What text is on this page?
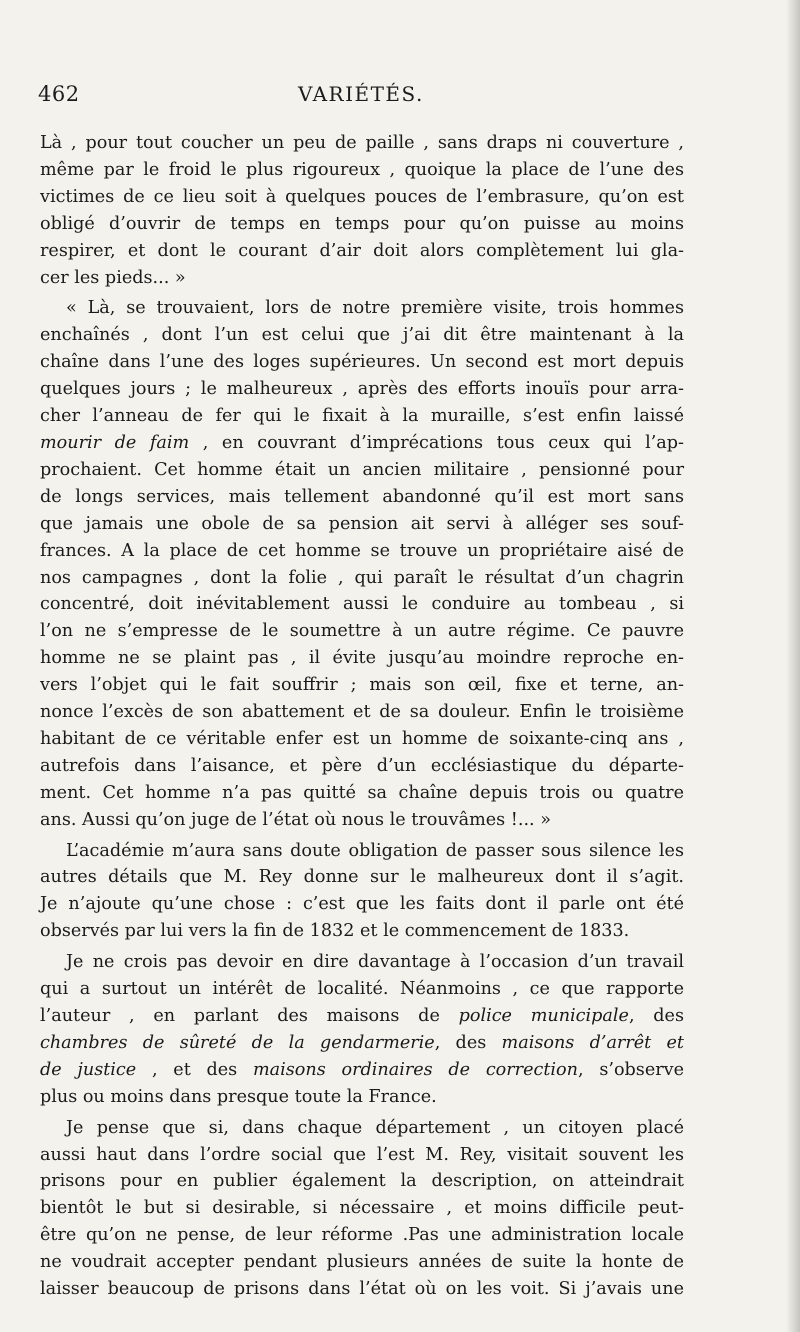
462	VARIÉTÉS.
Là , pour tout coucher un peu de paille , sans draps ni couverture ,
même par le froid le plus rigoureux , quoique la place de l’une des
victimes de ce lieu soit à quelques pouces de l’embrasure, qu’on est
obligé d’ouvrir de temps en temps pour qu’on puisse au moins
respirer, et dont le courant d’air doit alors complètement lui gla-
cer les pieds... »
« Là, se trouvaient, lors de notre première visite, trois hommes
enchaînés , dont l’un est celui que j’ai dit être maintenant à la
chaîne dans l’une des loges supérieures. Un second est mort depuis
quelques jours ; le malheureux , après des efforts inouïs pour arra-
cher l’anneau de fer qui le fixait à la muraille, s’est enfin laissé
mourir de faim , en couvrant d’imprécations tous ceux qui l’ap-
prochaient. Cet homme était un ancien militaire , pensionné pour
de longs services, mais tellement abandonné qu’il est mort sans
que jamais une obole de sa pension ait servi à alléger ses souf-
frances. A la place de cet homme se trouve un propriétaire aisé de
nos campagnes , dont la folie , qui paraît le résultat d’un chagrin
concentré, doit inévitablement aussi le conduire au tombeau , si
l’on ne s’empresse de le soumettre à un autre régime. Ce pauvre
homme ne se plaint pas , il évite jusqu’au moindre reproche en-
vers l’objet qui le fait souffrir ; mais son œil, fixe et terne, an-
nonce l’excès de son abattement et de sa douleur. Enfin le troisième
habitant de ce véritable enfer est un homme de soixante-cinq ans ,
autrefois dans l’aisance, et père d’un ecclésiastique du départe-
ment. Cet homme n’a pas quitté sa chaîne depuis trois ou quatre
ans. Aussi qu’on juge de l’état où nous le trouvâmes !... »
L’académie m’aura sans doute obligation de passer sous silence les
autres détails que M. Rey donne sur le malheureux dont il s’agit.
Je n’ajoute qu’une chose : c’est que les faits dont il parle ont été
observés par lui vers la fin de 1832 et le commencement de 1833.
Je ne crois pas devoir en dire davantage à l’occasion d’un travail
qui a surtout un intérêt de localité. Néanmoins , ce que rapporte
l’auteur , en parlant des maisons de police municipale, des
chambres de sûreté de la gendarmerie, des maisons d’arrêt et
de justice , et des maisons ordinaires de correction, s’observe
plus ou moins dans presque toute la France.
Je pense que si, dans chaque département , un citoyen placé
aussi haut dans l’ordre social que l’est M. Rey, visitait souvent les
prisons pour en publier également la description, on atteindrait
bientôt le but si desirable, si nécessaire , et moins difficile peut-
être qu’on ne pense, de leur réforme .Pas une administration locale
ne voudrait accepter pendant plusieurs années de suite la honte de
laisser beaucoup de prisons dans l’état où on les voit. Si j’avais une
